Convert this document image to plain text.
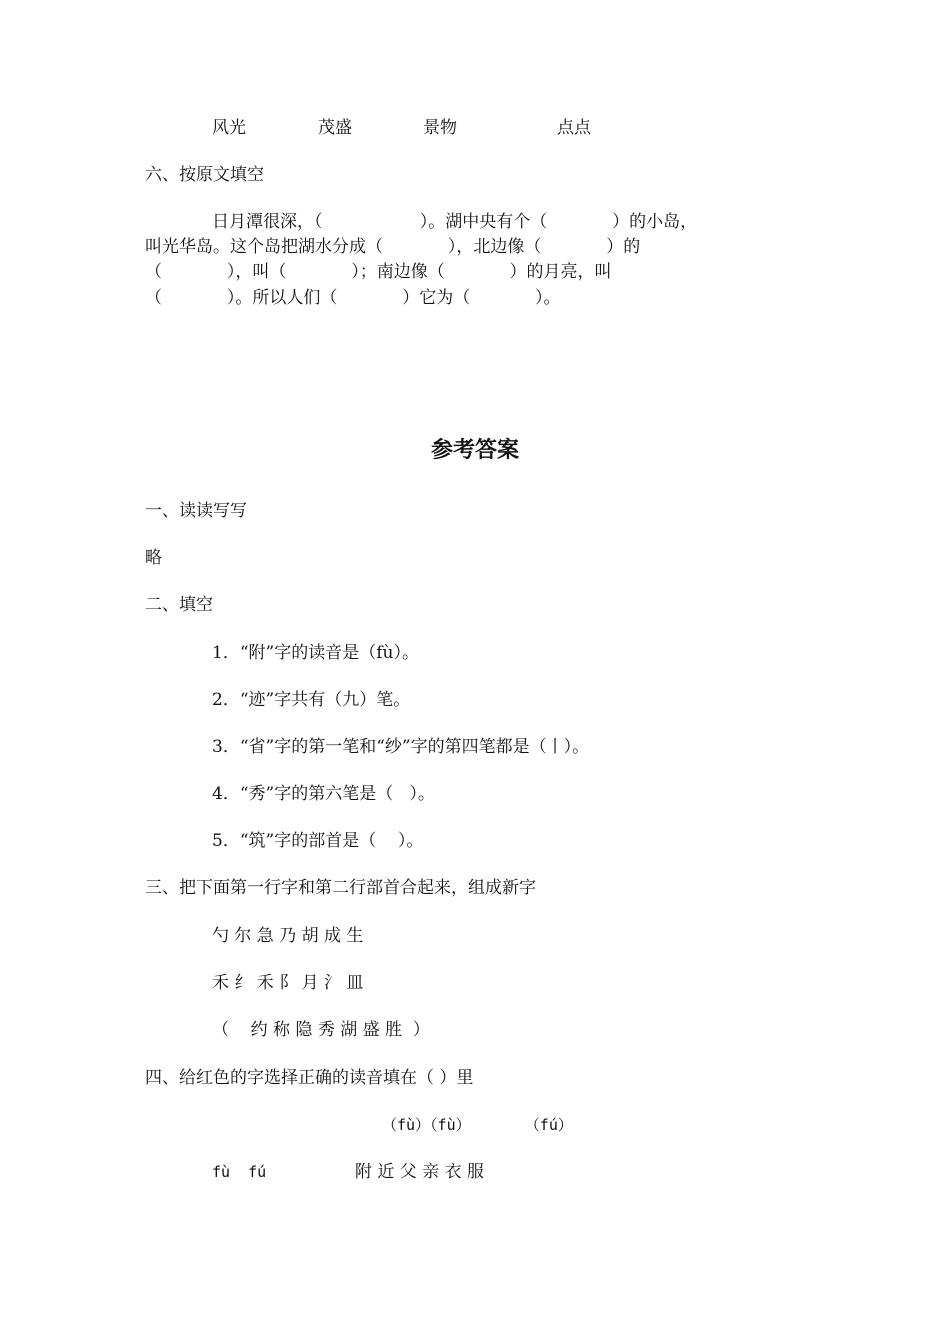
风光	茂盛	景物	点点
六、按原文填空
日月潭很深，（                  ）。湖中央有个（            ）的小岛，
叫光华岛。这个岛把湖水分成（            ），北边像（            ）的
（            ），叫（            ）；南边像（            ）的月亮，叫
（            ）。所以人们（            ）它为（            ）。
参考答案
一、读读写写
略
二、填空
1．“附”字的读音是（fù）。
2．“迹”字共有（九）笔。
3．“省”字的第一笔和“纱”字的第四笔都是（丨）。
4．“秀”字的第六笔是（   ）。
5．“筑”字的部首是（    ）。
三、把下面第一行字和第二行部首合起来，组成新字
勺 尔 急 乃 胡 成 生
禾 纟 禾 阝 月 氵 皿
（    约 称 隐 秀 湖 盛 胜  ）
四、给红色的字选择正确的读音填在（ ）里
（fù）（fù）      （fú）
fù  fú	附 近 父 亲 衣 服
